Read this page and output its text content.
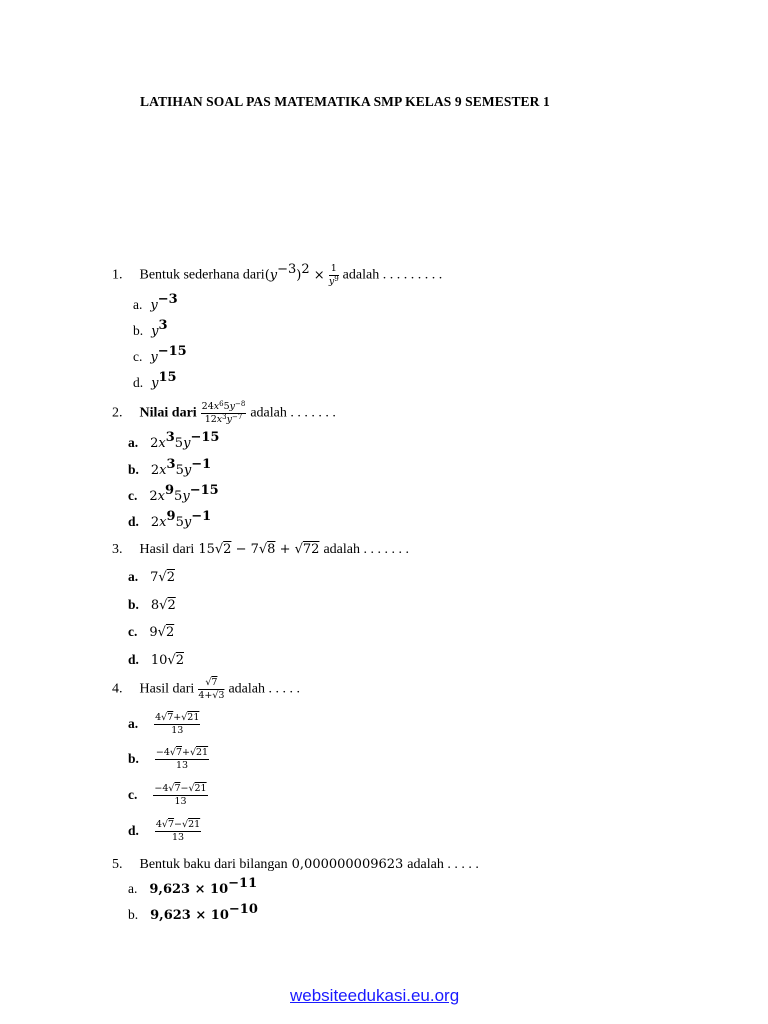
LATIHAN SOAL PAS MATEMATIKA SMP KELAS 9 SEMESTER 1
1. Bentuk sederhana $dari(y^{-3})^2 \times \frac{1}{y^9}$ adalah . . . . . . . . .
a. $y^{-3}$
b. $y^3$
c. $y^{-15}$
d. $y^{15}$
2. Nilai dari $\frac{24x^65y^{-8}}{12x^3y^{-7}}$ adalah . . . . . . .
a. $2x^35y^{-15}$
b. $2x^35y^{-1}$
c. $2x^95y^{-15}$
d. $2x^95y^{-1}$
3. Hasil dari 15√2 − 7√8 + √72 adalah . . . . . . .
a. 7√2
b. 8√2
c. 9√2
d. 10√2
4. Hasil dari $\frac{√7}{4+√3}$ adalah . . . . .
a. $\frac{4√7+√21}{13}$
b. $\frac{-4√7+√21}{13}$
c. $\frac{-4√7-√21}{13}$
d. $\frac{4√7-√21}{13}$
5. Bentuk baku dari bilangan 0,000000009623 adalah . . . . .
a. $9,623 \times 10^{-11}$
b. $9,623 \times 10^{-10}$
websiteedukasi.eu.org
